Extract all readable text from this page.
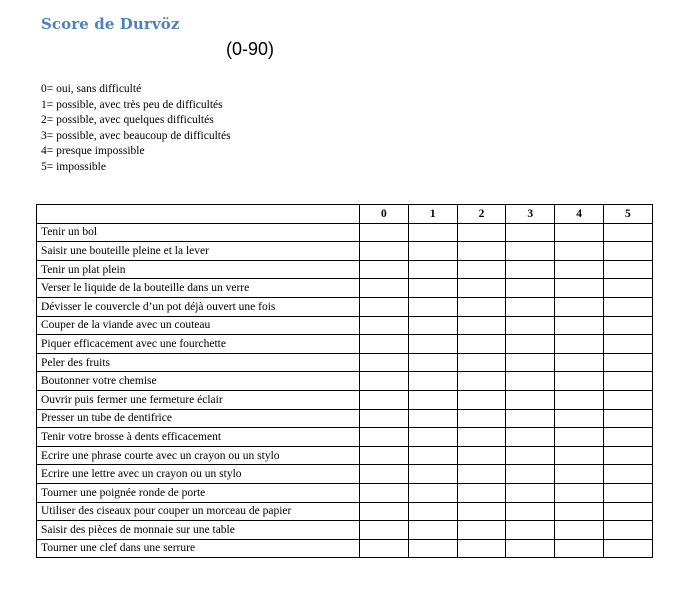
Score de Durvöz
(0-90)
0= oui, sans difficulté
1= possible, avec très peu de difficultés
2= possible, avec quelques difficultés
3= possible, avec beaucoup de difficultés
4= presque impossible
5= impossible
	0	1	2	3	4	5
Tenir un bol						
Saisir une bouteille pleine et la lever						
Tenir un plat plein						
Verser le liquide de la bouteille dans un verre						
Dévisser le couvercle d’un pot déjà ouvert une fois						
Couper de la viande avec un couteau						
Piquer efficacement avec une fourchette						
Peler des fruits						
Boutonner votre chemise						
Ouvrir puis fermer une fermeture éclair						
Presser un tube de dentifrice						
Tenir votre brosse à dents efficacement						
Ecrire une phrase courte avec un crayon ou un stylo						
Ecrire une lettre avec un crayon ou un stylo						
Tourner une poignée ronde de porte						
Utiliser des ciseaux pour couper un morceau de papier						
Saisir des pièces de monnaie sur une table						
Tourner une clef dans une serrure						
